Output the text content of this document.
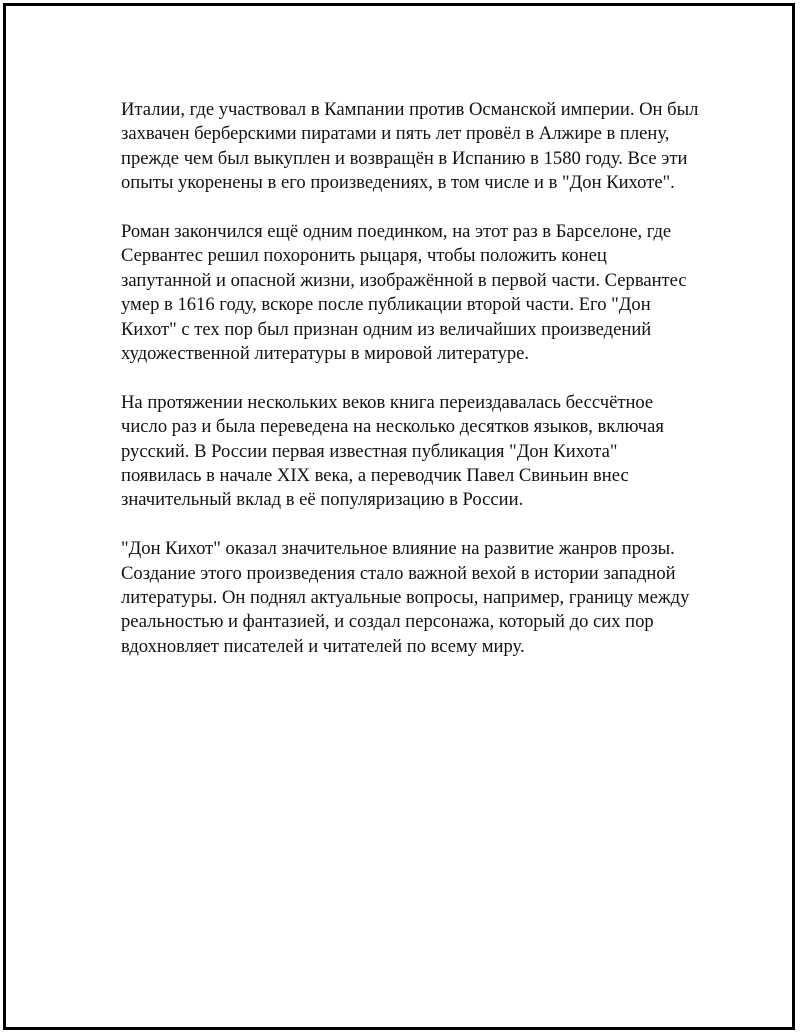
Италии, где участвовал в Кампании против Османской империи. Он был захвачен берберскими пиратами и пять лет провёл в Алжире в плену, прежде чем был выкуплен и возвращён в Испанию в 1580 году. Все эти опыты укоренены в его произведениях, в том числе и в "Дон Кихоте".

Роман закончился ещё одним поединком, на этот раз в Барселоне, где Сервантес решил похоронить рыцаря, чтобы положить конец запутанной и опасной жизни, изображённой в первой части. Сервантес умер в 1616 году, вскоре после публикации второй части. Его "Дон Кихот" с тех пор был признан одним из величайших произведений художественной литературы в мировой литературе.

На протяжении нескольких веков книга переиздавалась бессчётное число раз и была переведена на несколько десятков языков, включая русский. В России первая известная публикация "Дон Кихота" появилась в начале XIX века, а переводчик Павел Свиньин внес значительный вклад в её популяризацию в России.

"Дон Кихот" оказал значительное влияние на развитие жанров прозы. Создание этого произведения стало важной вехой в истории западной литературы. Он поднял актуальные вопросы, например, границу между реальностью и фантазией, и создал персонажа, который до сих пор вдохновляет писателей и читателей по всему миру.
